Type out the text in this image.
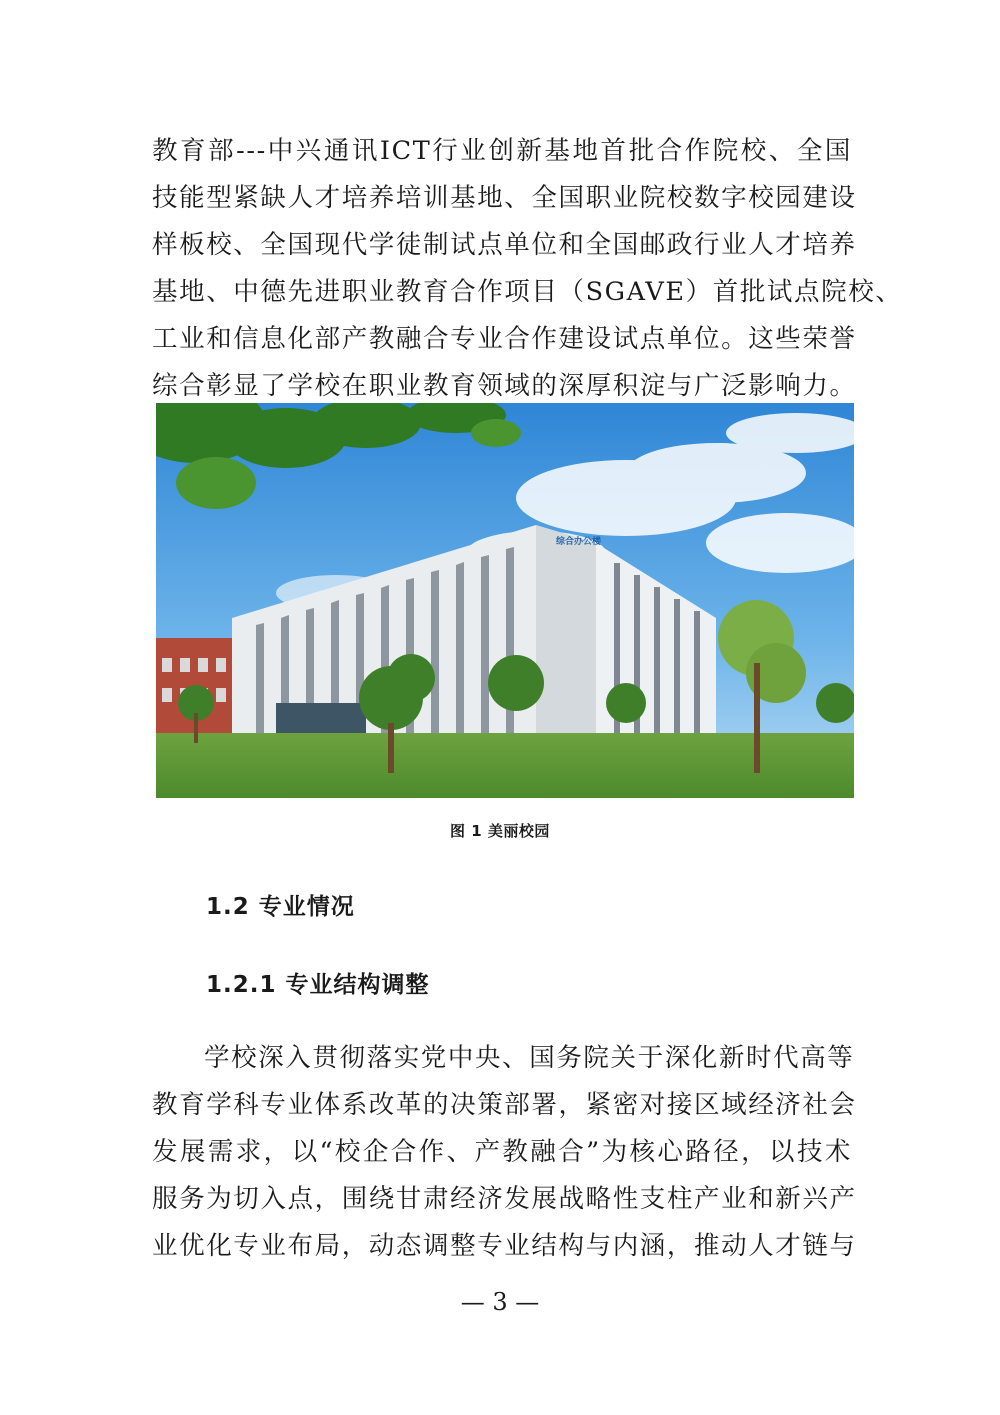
教育部---中兴通讯ICT行业创新基地首批合作院校、全国
技能型紧缺人才培养培训基地、全国职业院校数字校园建设
样板校、全国现代学徒制试点单位和全国邮政行业人才培养
基地、中德先进职业教育合作项目（SGAVE）首批试点院校、
工业和信息化部产教融合专业合作建设试点单位。这些荣誉
综合彰显了学校在职业教育领域的深厚积淀与广泛影响力。
综合办公楼
图 1 美丽校园
1.2 专业情况
1.2.1 专业结构调整
学校深入贯彻落实党中央、国务院关于深化新时代高等
教育学科专业体系改革的决策部署，紧密对接区域经济社会
发展需求，以“校企合作、产教融合”为核心路径，以技术
服务为切入点，围绕甘肃经济发展战略性支柱产业和新兴产
业优化专业布局，动态调整专业结构与内涵，推动人才链与
— 3 —
